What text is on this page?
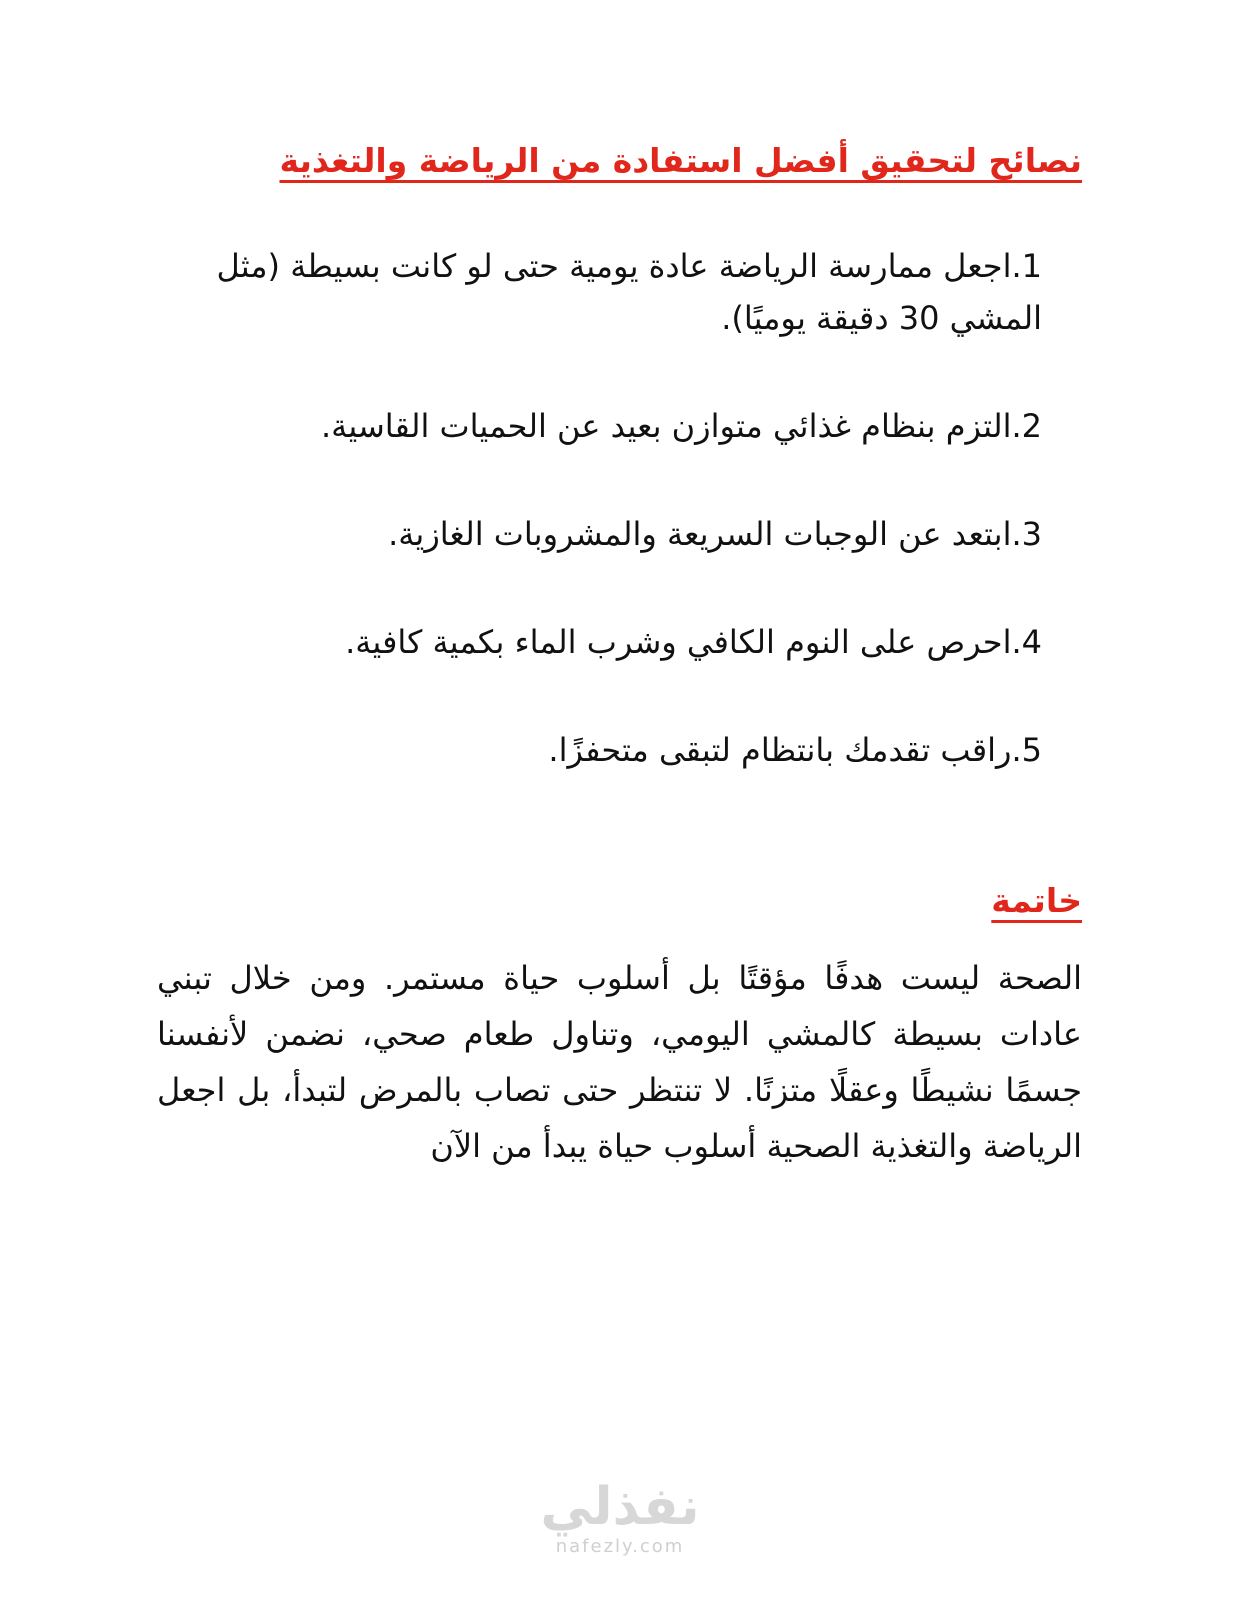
نصائح لتحقيق أفضل استفادة من الرياضة والتغذية
1.اجعل ممارسة الرياضة عادة يومية حتى لو كانت بسيطة (مثل المشي 30 دقيقة يوميًا).
2.التزم بنظام غذائي متوازن بعيد عن الحميات القاسية.
3.ابتعد عن الوجبات السريعة والمشروبات الغازية.
4.احرص على النوم الكافي وشرب الماء بكمية كافية.
5.راقب تقدمك بانتظام لتبقى متحفزًا.
خاتمة

الصحة ليست هدفًا مؤقتًا بل أسلوب حياة مستمر. ومن خلال تبني عادات بسيطة كالمشي اليومي، وتناول طعام صحي، نضمن لأنفسنا جسمًا نشيطًا وعقلًا متزنًا. لا تنتظر حتى تصاب بالمرض لتبدأ، بل اجعل الرياضة والتغذية الصحية أسلوب حياة يبدأ من الآن

نفذلي
nafezly.com
